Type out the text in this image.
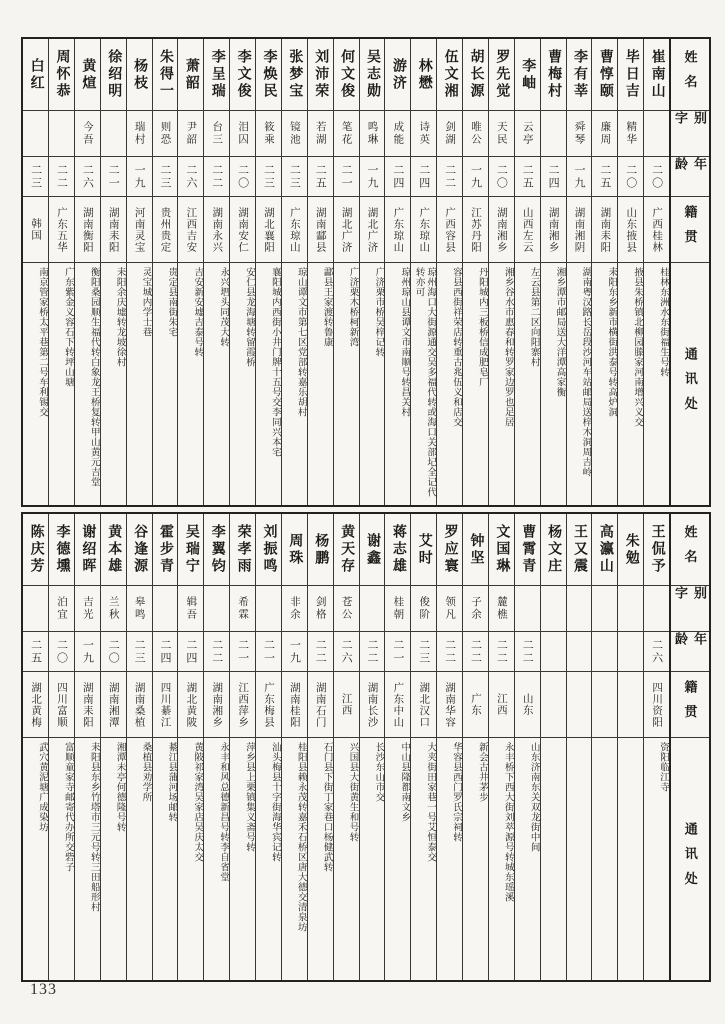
姓名
别字
年龄
籍贯
通讯处
崔南山
二〇
广西桂林
桂林东洲水东街福生号转
毕日吉
精华
二〇
山东掖县
掖县朱桥镇北柳园滕家河南增兴义交
曹惇颐
廉周
二五
湖南耒阳
耒阳东乡新市横街洪泰号转高炉洞
李有莘
舜琴
一九
湖南湘阴
湖南粤汉路长岳段沙河车站邮局送梓木洞周吉岭
曹梅村
二四
湖南湘乡
湘乡潭市邮局送大洋潭高家衡
李岫
云亭
二五
山西左云
左云县第二区向阳寨村
罗先觉
天民
二〇
湖南湘乡
湘乡谷水市惠春和转罗家边罗也足居
胡长源
唯公
一九
江苏丹阳
丹阳城内三板桥信成肥皂厂
伍文湘
剑湖
二二
广西容县
容县西街祥荣店转重古兆伍义和店交
林懋
诗英
二四
广东琼山
琼州海口大街源通交吴多福代转或海口关部圮全记代转亦可
游济
成能
二四
广东琼山
琼州琼山县谭文市南顺号转昌关村
吴志勋
鸣琳
一九
湖北广济
广济栗市桥吴梓记转
何文俊
笔花
二一
湖北广济
广济栗木桥柯新湾
刘沛荣
若湖
二五
湖南酃县
酃县王家渡转鲁康
张梦宝
镜池
二三
广东琼山
琼山谭文市第七区党部转嘉乐胡村
李焕民
筱乘
二三
湖北襄阳
襄阳城内西街小井门牌十五号交李同兴本宅
李文俊
泪囚
二〇
湖南安仁
安仁县龙海塘转留霞桥
李呈瑞
台三
二二
湖南永兴
永兴垇头同茂大转
萧韶
尹韶
二六
江西吉安
吉安新安墟吉泰号转
朱得一
则恐
二三
贵州贵定
贵定县南街朱宅
杨枝
瑞村
一九
河南灵宝
灵宝城内学士巷
徐绍明
二一
湖南耒阳
耒阳余庆墟转龙坡徐村
黄煊
今吾
二六
湖南衡阳
衡阳桑园顺生福代转白象龙王桥复转甲山黄元吉堂
周怀恭
二二
广东五华
广东紫金义容石下转坪山塘
白红
二三
韩国
南京管家桥太平巷第二号车利锡交
姓名
别字
年龄
籍贯
通讯处
王侃予
二六
四川资阳
资阳临江寺
朱勉
高瀛山
王又震
杨文庄
曹霄青
二二
山东
山东济南东关双龙街中间
文国琳
麓樵
二二
江西
永丰桥下西大街刘萃源号转城东瑶溪
钟坚
子余
二二
广东
新会古井茅步
罗应寰
领凡
二二
湖南华容
华容县西门罗氏宗祠转
艾时
俊阶
二三
湖北汉口
大夹街田家巷一号艾恒泰交
蒋志雄
桂朝
二一
广东中山
中山县隆都南文乡
谢鑫
二二
湖南长沙
长沙东山市交
黄天存
苍公
二六
江西
兴国县大街黄生和号转
杨鹏
剑格
二二
湖南石门
石门县下街丁家巷口杨健武转
周珠
非余
一九
湖南桂阳
桂阳县赖永茂转嘉禾石桥区唐大德交清泉坊
刘振鸣
二一
广东梅县
汕头梅县十字街海华宾记转
荣孝雨
希霖
二一
江西萍乡
萍乡县上栗镇集义斋号转
李翼钧
二二
湖南湘乡
永丰和风总德新昌号转李自省堂
吴瑞宁
辑吾
二四
湖北黄陂
黄陂祁家湾吴家店吴庆太交
霍步青
二四
四川綦江
綦江县蒲河场邮转
谷逢源
皋鸣
二三
湖南桑植
桑植县劝学所
黄本雄
兰秋
二〇
湖南湘潭
湘潭未亭何德隆号转
谢绍晖
吉光
一九
湖南耒阳
耒阳县东乡竹塔市三元号转三田船形村
李德壎
泊宜
二〇
四川富顺
富顺童家寺邮寄代办所交砦子
陈庆芳
二五
湖北黄梅
武穴黄泥塘广成染坊
133
